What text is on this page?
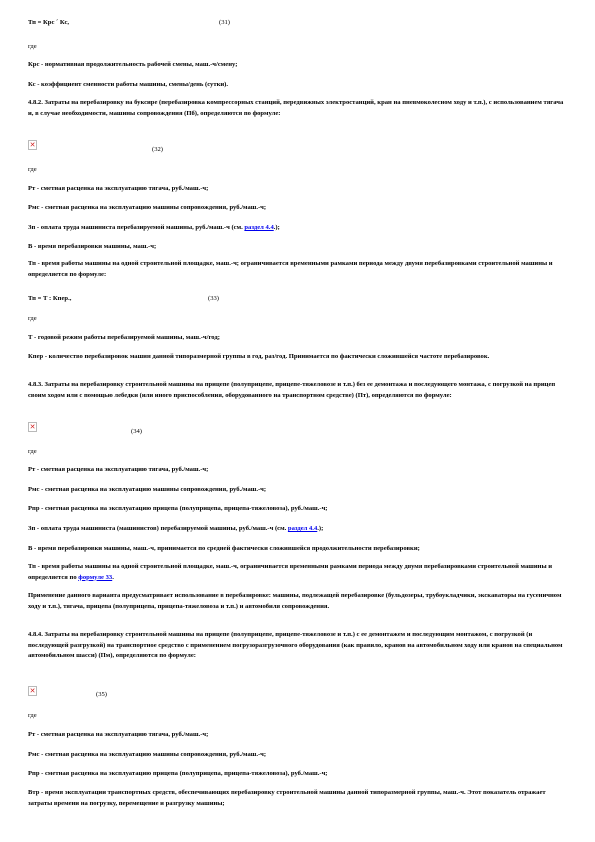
Тп = Крс ´ Кс,	(31)
где
Крс - нормативная продолжительность рабочей смены, маш.-ч/смену;
Кс - коэффициент сменности работы машины, смены/день (сутки).
4.8.2. Затраты на перебазировку на буксире (перебазировка компрессорных станций, передвижных электростанций, кран на пневмоколесном ходу и т.п.), с использованием тягача и, в случае необходимости, машины сопровождения (Пб), определяются по формуле:
✕
(32)
где
Рт - сметная расценка на эксплуатацию тягача, руб./маш.-ч;
Рмс - сметная расценка на эксплуатацию машины сопровождения, руб./маш.-ч;
Зп - оплата труда машиниста перебазируемой машины, руб./маш.-ч (см. раздел 4.4.);
В - время перебазировки машины, маш.-ч;
Тп - время работы машины на одной строительной площадке, маш.-ч; ограничивается временными рамками периода между двумя перебазировками строительной машины и определяется по формуле:
Тп = Т : Кпер.,	(33)
где
Т - годовой режим работы перебазируемой машины, маш.-ч/год;
Кпер - количество перебазировок машин данной типоразмерной группы в год, раз/год. Принимается по фактически сложившейся частоте перебазировок.
4.8.3. Затраты на перебазировку строительной машины на прицепе (полуприцепе, прицепе-тяжеловозе и т.п.) без ее демонтажа и последующего монтажа, с погрузкой на прицеп своим ходом или с помощью лебедки (или иного приспособления, оборудованного на транспортном средстве) (Пт), определяются по формуле:
✕
(34)
где
Рт - сметная расценка на эксплуатацию тягача, руб./маш.-ч;
Рмс - сметная расценка на эксплуатацию машины сопровождения, руб./маш.-ч;
Рпр - сметная расценка на эксплуатацию прицепа (полуприцепа, прицепа-тяжеловоза), руб./маш.-ч;
Зп - оплата труда машиниста (машинистов) перебазируемой машины, руб./маш.-ч (см. раздел 4.4.);
В - время перебазировки машины, маш.-ч, принимается по средней фактически сложившейся продолжительности перебазировки;
Тп - время работы машины на одной строительной площадке, маш.-ч, ограничивается временными рамками периода между двумя перебазировками строительной машины и определяется по формуле 33.
Применение данного варианта предусматривает использование в перебазировке: машины, подлежащей перебазировке (бульдозеры, трубоукладчики, экскаваторы на гусеничном ходу и т.п.), тягача, прицепа (полуприцепа, прицепа-тяжеловоза и т.п.) и автомобиля сопровождения.
4.8.4. Затраты на перебазировку строительной машины на прицепе (полуприцепе, прицепе-тяжеловозе и т.п.) с ее демонтажем и последующим монтажом, с погрузкой (и последующей разгрузкой) на транспортное средство с применением погрузоразгрузочного оборудования (как правило, кранов на автомобильном ходу или кранов на специальном автомобильном шасси) (Пм), определяются по формуле:
✕
(35)
где
Рт - сметная расценка на эксплуатацию тягача, руб./маш.-ч;
Рмс - сметная расценка на эксплуатацию машины сопровождения, руб./маш.-ч;
Рпр - сметная расценка на эксплуатацию прицепа (полуприцепа, прицепа-тяжеловоза), руб./маш.-ч;
Втр - время эксплуатации транспортных средств, обеспечивающих перебазировку строительной машины данной типоразмерной группы, маш.-ч. Этот показатель отражает затраты времени на погрузку, перемещение и разгрузку машины;
